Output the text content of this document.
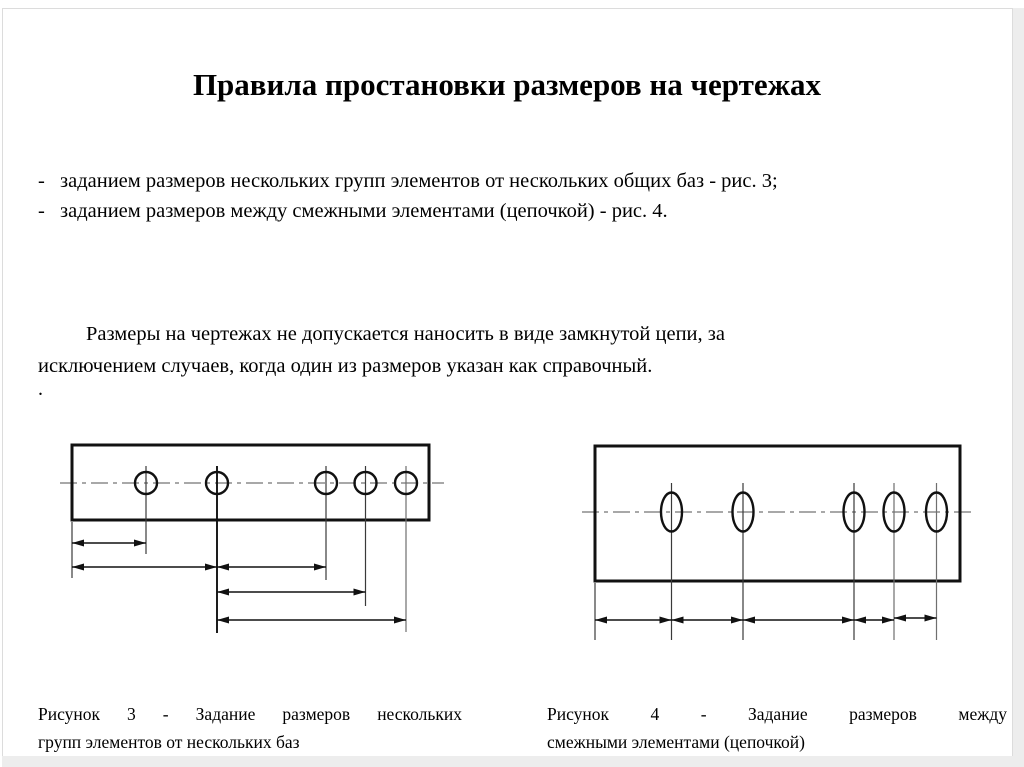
Правила простановки размеров на чертежах
- заданием размеров нескольких групп элементов от нескольких общих баз - рис. 3;
- заданием размеров между смежными элементами (цепочкой) - рис. 4.
Размеры на чертежах не допускается наносить в виде замкнутой цепи, за
исключением случаев, когда один из размеров указан как справочный.
.
Рисунок 3 - Задание размеров нескольких
групп элементов от нескольких баз
Рисунок 4 - Задание размеров между
смежными элементами (цепочкой)
